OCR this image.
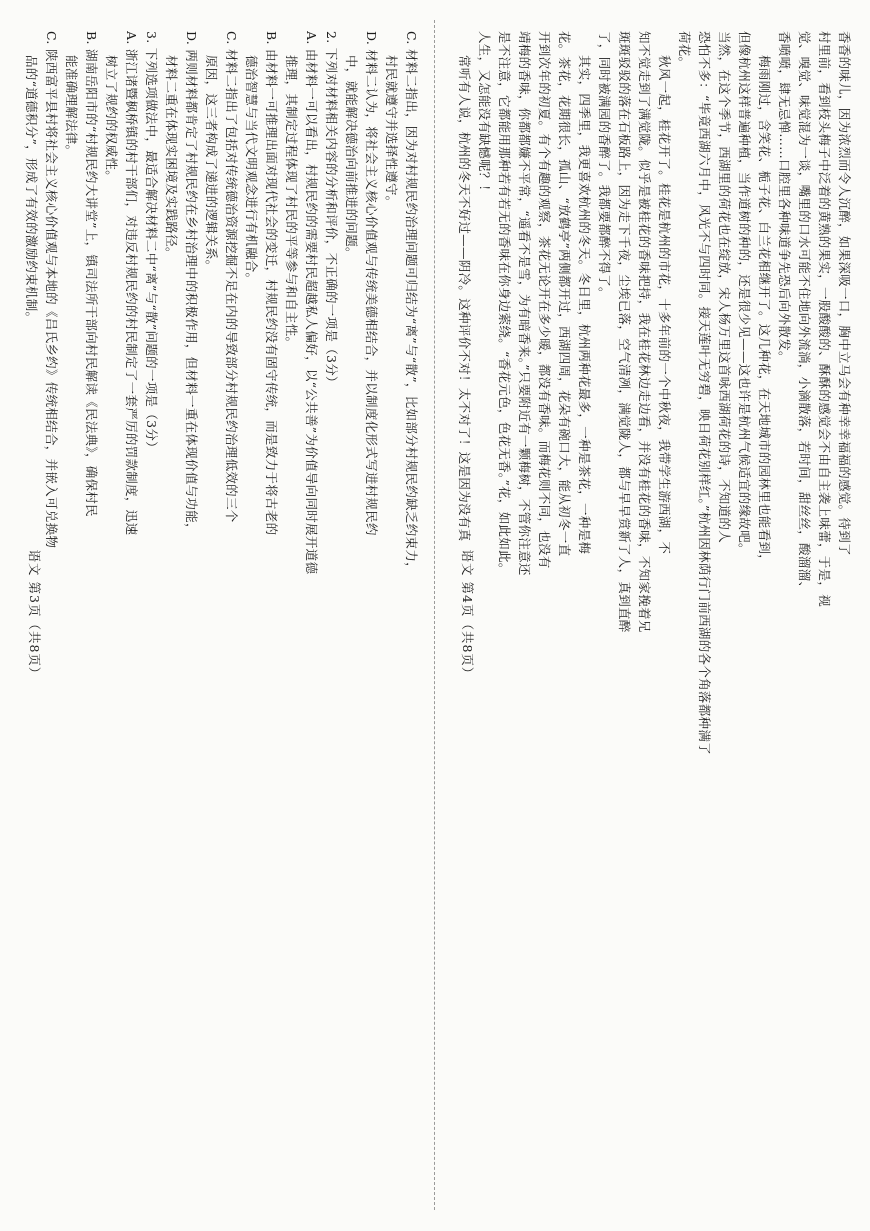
C. 材料二指出，因为对村规民约治理问题可归结为“离”与“散”，比如部分村规民约缺乏约束力，
村民就遵守并选择性遵守。
D. 材料二认为，将社会主义核心价值观与传统美德相结合，并以制度化形式写进村规民约
中，就能解决德治向前推进的问题。
2. 下列对材料相关内容的分析和评价，不正确的一项是（3分）
A. 由材料一可以看出，村规民约的需要村民超越私人偏好，以“公共善”为价值导向同时展开道德
推理，其制定过程体现了村民的平等参与和自主性。
B. 由材料一可推理出面对现代社会的变迁，村规民约没有固守传统，而是致力于将古老的
德治智慧与当代文明观念进行有机融合。
C. 材料二指出了包括对传统德治资源挖掘不足在内的导致部分村规民约治理低效的三个
原因，这三者构成了递进的逻辑关系。
D. 两则材料都肯定了村规民约在乡村治理中的积极作用，但材料一重在体现价值与功能，
材料二重在体现实困境及实践路径。
3. 下列选项做法中，最适合解决材料二中“离”与“散”问题的一项是（3分）
A. 浙江诸暨枫桥镇的村干部们，对违反村规民约的村民制定了一套严厉的罚款制度，迅速
树立了规约的权威性。
B. 湖南岳阳市的“村规民约大讲堂”上，镇司法所干部向村民解读《民法典》，确保村民
能准确理解法律。
C. 陕西富平县村将社会主义核心价值观与本地的《吕氏乡约》传统相结合，并嵌入可兑换物
品的“道德积分”，形成了有效的激励约束机制。
语文 第3页（共8页）
香香的味儿，因为浓烈而令人沉醉，如果深吸一口，胸中立马会有种幸幸福福的感觉。待到了
村里前，看到枝头梅子中泛着的黄熟的果实，一股酸酸的、酥酥的感觉会不由自主袭上味蕾，于是，视
觉、嗅觉、味觉混为一谈，嘴里的口水可能不住地向外流淌，小滴散落，若时间，甜丝丝，酸溜溜、
香喷喷，肆无忌惮……口腔里各种味道争先恐后向外散发。
梅雨刚过，含笑花、栀子花、白兰花相继开了。这几种花，在天地城市的园林里也能看到，
但像杭州这样普遍种植，当作道树的种的，还是很少见——这也许是杭州气候适宜的缘故吧。
当然，在这个季节，西湖里的荷花也在绽放，宋人杨万里这首咏西湖荷花的诗，不知道的人
恐怕不多：“毕竟西湖六月中，风光不与四时同。接天莲叶无穷碧，映日荷花别样红。”杭州因林荫行门前西湖的各个角落都种满了
荷花。
秋风一起，桂花开了。桂花是杭州的市花，十多年前的一个中秋夜，我带学生游西湖，不
知不觉走到了满觉陇。似乎是被桂花的香味把持，我在桂花林边走边看，并没有桂花的香味，不知家挽着兄
斑斑驳驳的落在石板路上，因为走下千夜，尘埃已落，空气清冽，满觉陇人，都与早早赏新了人，真到直醉
了，同时被满园的香醉了。我都要都醉不得了。
其实，四季里，我更喜欢杭州的冬天。冬日里，杭州两种花最多，一种是茶花，一种是梅
花。茶花，花期很长，孤山、“放鹤亭”两侧都开过，西湖四周，花朵有碗口大，能从初冬一直
开到次年的初夏。有个有趣的观察，茶花无论开在多少暖，都没有香味。而梅花则不同，也没有
靖梅的香味，你都都嫌不平常，“遥看不是雪，为有暗香来。”只要附近有一颗梅树，不管你注意还
是不注意，它都能用那种若有若无的香味在你身边萦绕。“香花元色，色花无香。”花，如此如此。
人生，又怎能没有缺憾呢？！
常听有人说，杭州的冬天不好过——阴冷。这种评价不对！太不对了！这是因为没有真
语文 第4页（共8页）
